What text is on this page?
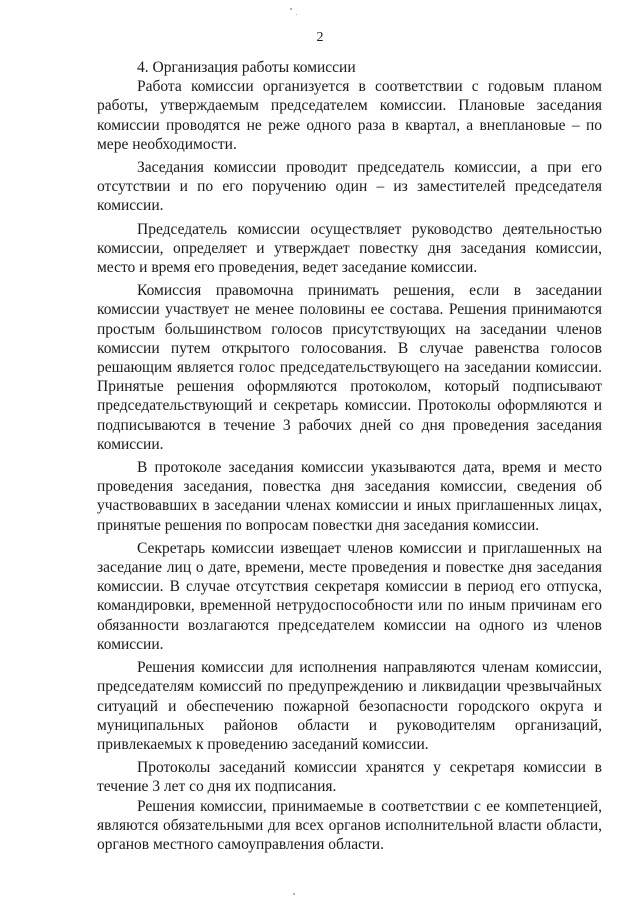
2
4. Организация работы комиссии

Работа комиссии организуется в соответствии с годовым планом работы, утверждаемым председателем комиссии. Плановые заседания комиссии проводятся не реже одного раза в квартал, а внеплановые – по мере необходимости.

Заседания комиссии проводит председатель комиссии, а при его отсутствии и по его поручению один – из заместителей председателя комиссии.

Председатель комиссии осуществляет руководство деятельностью комиссии, определяет и утверждает повестку дня заседания комиссии, место и время его проведения, ведет заседание комиссии.

Комиссия правомочна принимать решения, если в заседании комиссии участвует не менее половины ее состава. Решения принимаются простым большинством голосов присутствующих на заседании членов комиссии путем открытого голосования. В случае равенства голосов решающим является голос председательствующего на заседании комиссии. Принятые решения оформляются протоколом, который подписывают председательствующий и секретарь комиссии. Протоколы оформляются и подписываются в течение 3 рабочих дней со дня проведения заседания комиссии.

В протоколе заседания комиссии указываются дата, время и место проведения заседания, повестка дня заседания комиссии, сведения об участвовавших в заседании членах комиссии и иных приглашенных лицах, принятые решения по вопросам повестки дня заседания комиссии.

Секретарь комиссии извещает членов комиссии и приглашенных на заседание лиц о дате, времени, месте проведения и повестке дня заседания комиссии. В случае отсутствия секретаря комиссии в период его отпуска, командировки, временной нетрудоспособности или по иным причинам его обязанности возлагаются председателем комиссии на одного из членов комиссии.

Решения комиссии для исполнения направляются членам комиссии, председателям комиссий по предупреждению и ликвидации чрезвычайных ситуаций и обеспечению пожарной безопасности городского округа и муниципальных районов области и руководителям организаций, привлекаемых к проведению заседаний комиссии.

Протоколы заседаний комиссии хранятся у секретаря комиссии в течение 3 лет со дня их подписания.

Решения комиссии, принимаемые в соответствии с ее компетенцией, являются обязательными для всех органов исполнительной власти области, органов местного самоуправления области.
